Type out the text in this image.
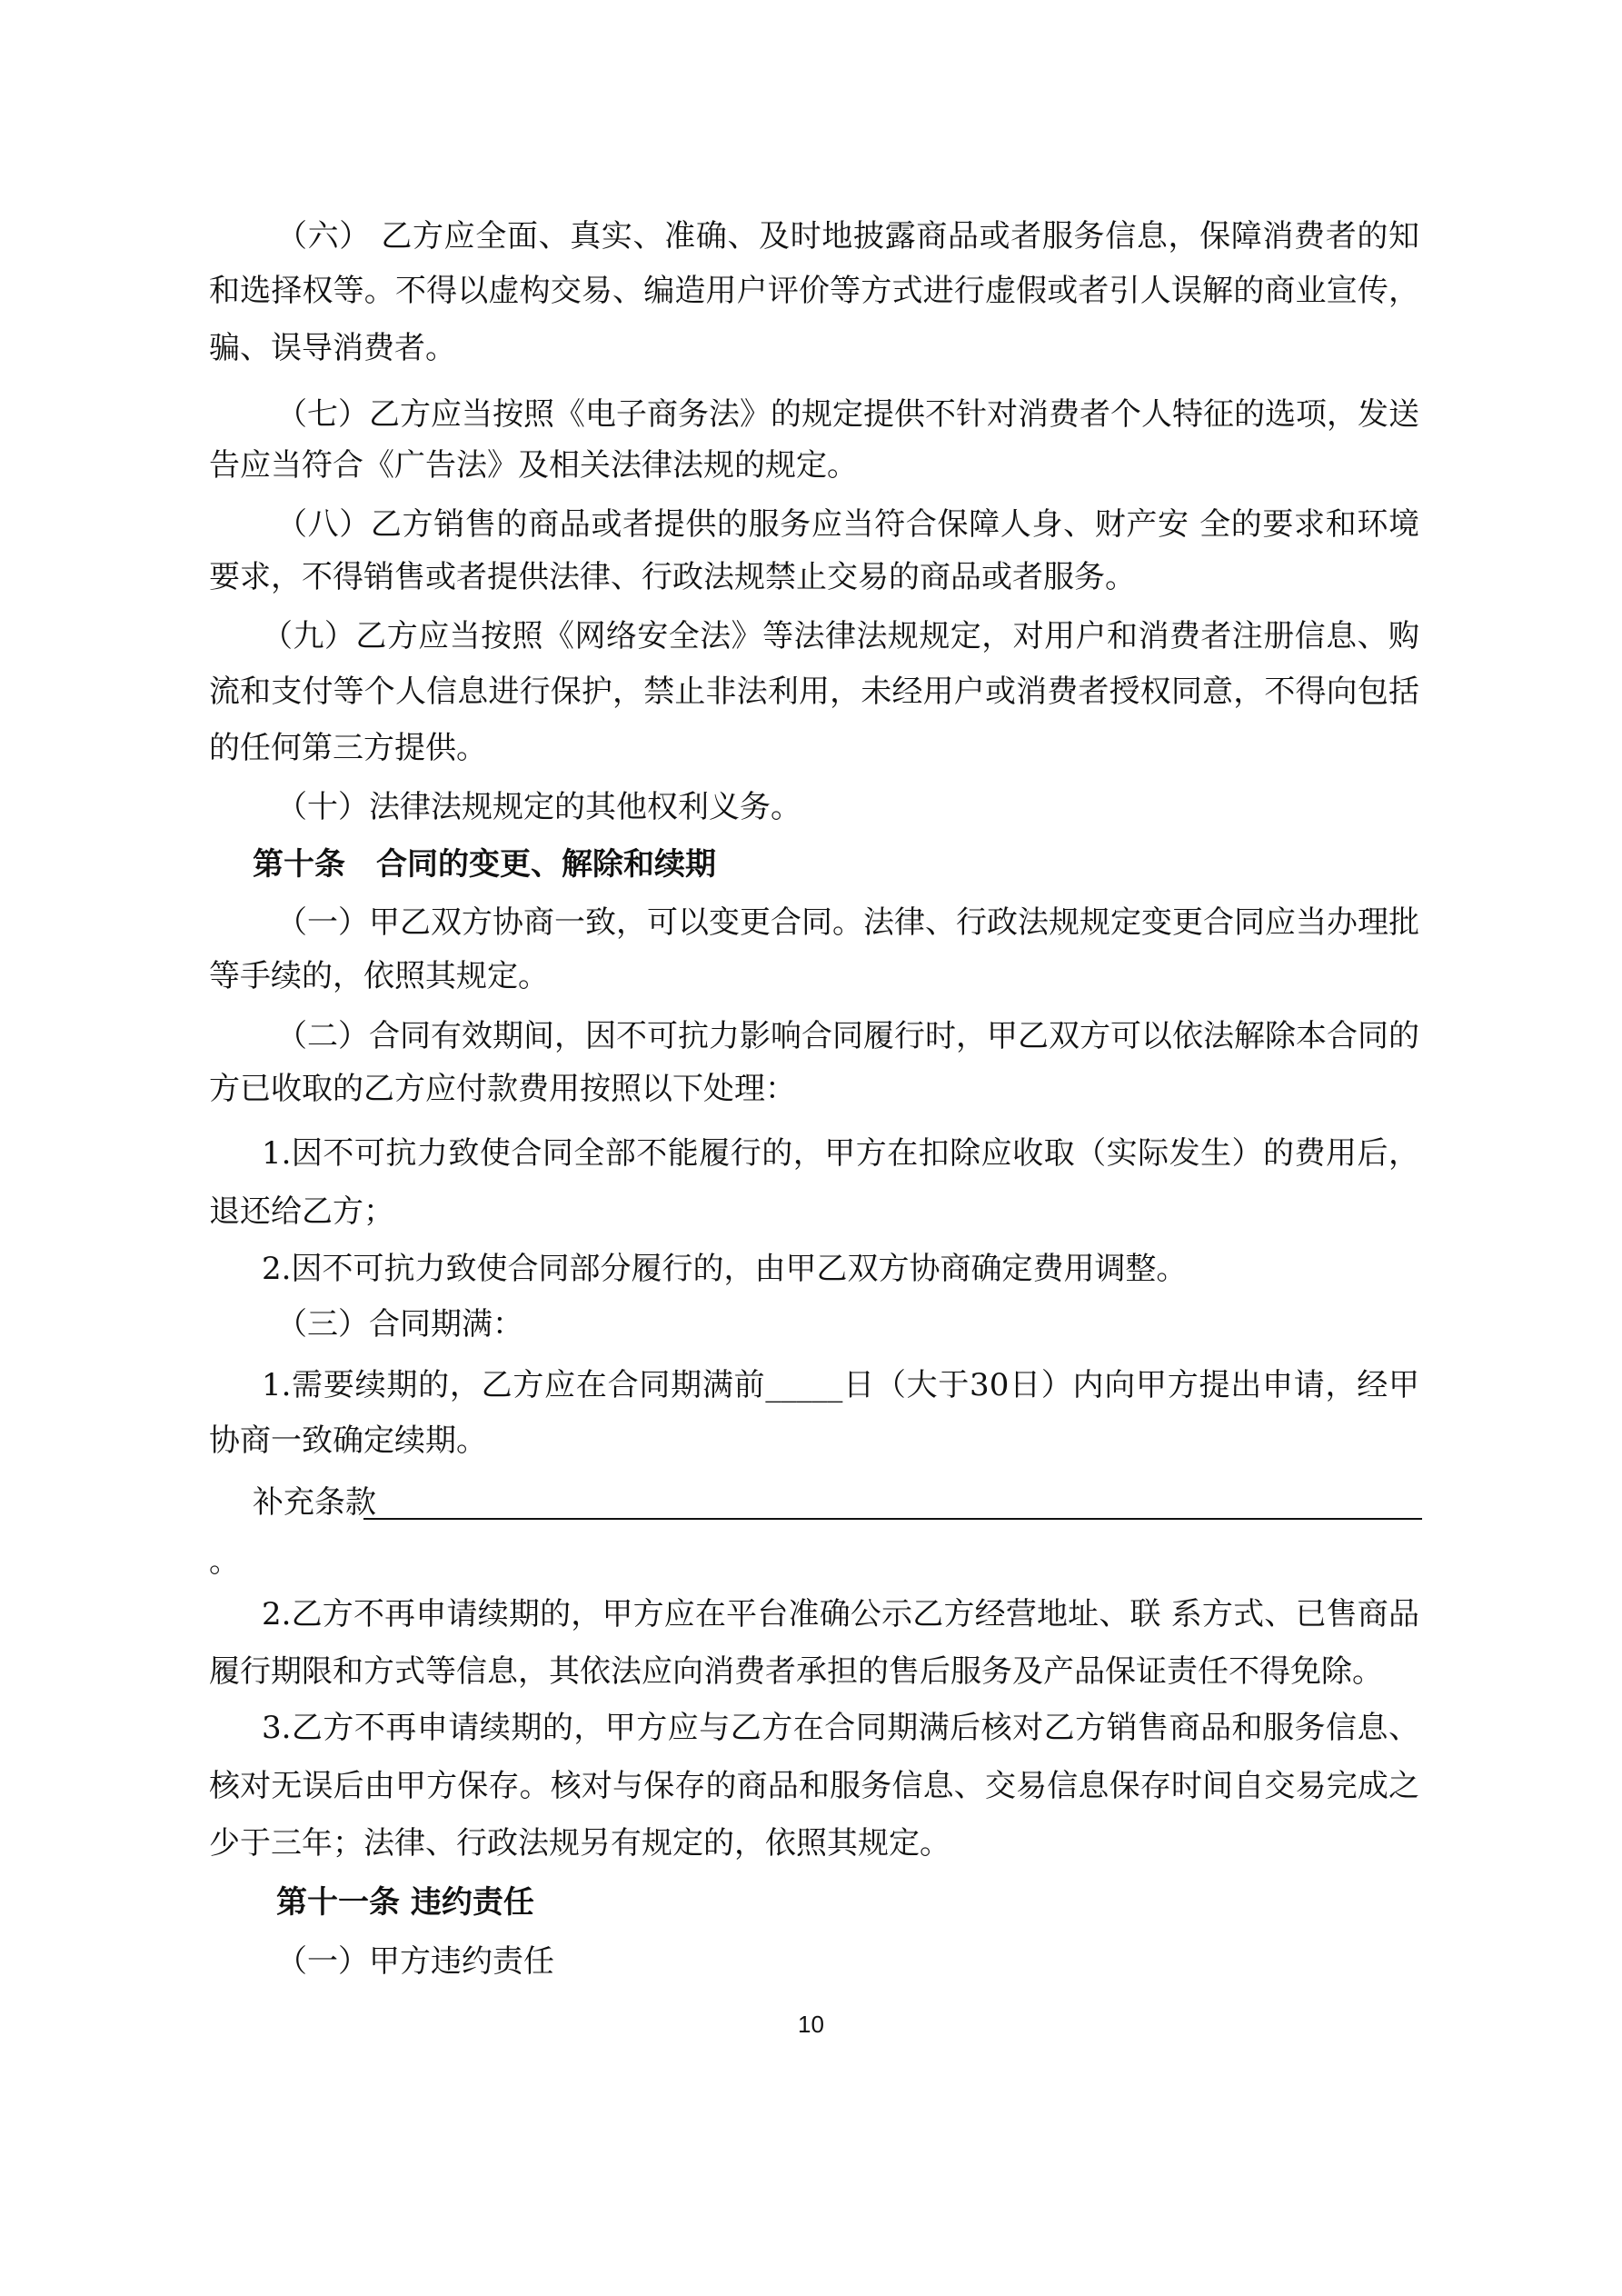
（六） 乙方应全面、真实、准确、及时地披露商品或者服务信息，保障消费者的知
和选择权等。不得以虚构交易、编造用户评价等方式进行虚假或者引人误解的商业宣传，
骗、误导消费者。
（七）乙方应当按照《电子商务法》的规定提供不针对消费者个人特征的选项，发送
告应当符合《广告法》及相关法律法规的规定。
（八）乙方销售的商品或者提供的服务应当符合保障人身、财产安 全的要求和环境
要求，不得销售或者提供法律、行政法规禁止交易的商品或者服务。
（九）乙方应当按照《网络安全法》等法律法规规定，对用户和消费者注册信息、购
流和支付等个人信息进行保护，禁止非法利用，未经用户或消费者授权同意，不得向包括
的任何第三方提供。
（十）法律法规规定的其他权利义务。
第十条　合同的变更、解除和续期
（一）甲乙双方协商一致，可以变更合同。法律、行政法规规定变更合同应当办理批
等手续的，依照其规定。
（二）合同有效期间，因不可抗力影响合同履行时，甲乙双方可以依法解除本合同的
方已收取的乙方应付款费用按照以下处理：
1.因不可抗力致使合同全部不能履行的，甲方在扣除应收取（实际发生）的费用后，
退还给乙方；
2.因不可抗力致使合同部分履行的，由甲乙双方协商确定费用调整。
（三）合同期满：
1.需要续期的，乙方应在合同期满前_____日（大于30日）内向甲方提出申请，经甲
协商一致确定续期。
补充条款
。
2.乙方不再申请续期的，甲方应在平台准确公示乙方经营地址、联 系方式、已售商品
履行期限和方式等信息，其依法应向消费者承担的售后服务及产品保证责任不得免除。
3.乙方不再申请续期的，甲方应与乙方在合同期满后核对乙方销售商品和服务信息、
核对无误后由甲方保存。核对与保存的商品和服务信息、交易信息保存时间自交易完成之
少于三年；法律、行政法规另有规定的，依照其规定。
第十一条 违约责任
（一）甲方违约责任
10
